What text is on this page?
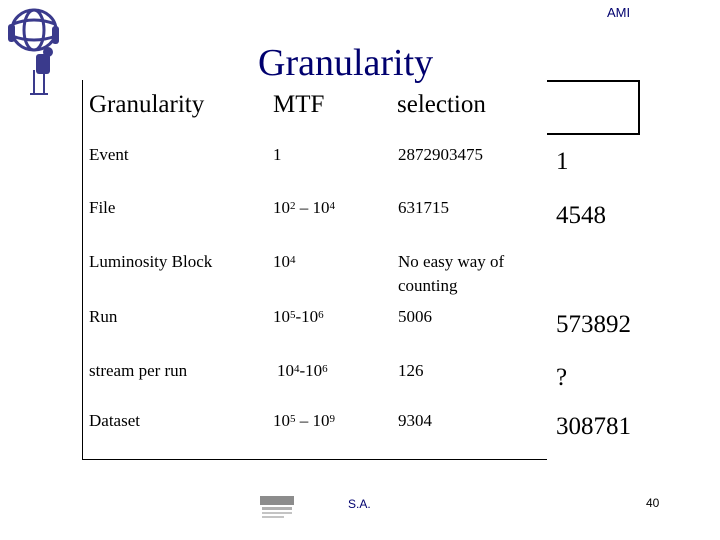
AMI
Granularity
Granularity	MTF	selection
Event	1	2872903475	1
File	$10^2 - 10^4$	631715	4548
Luminosity Block	$10^4$	No easy way of
counting
Run	$10^5-10^6$	5006	573892
stream per run	$10^4-10^6$	126	?
Dataset	$10^5 - 10^9$	9304	308781
S.A.	40
